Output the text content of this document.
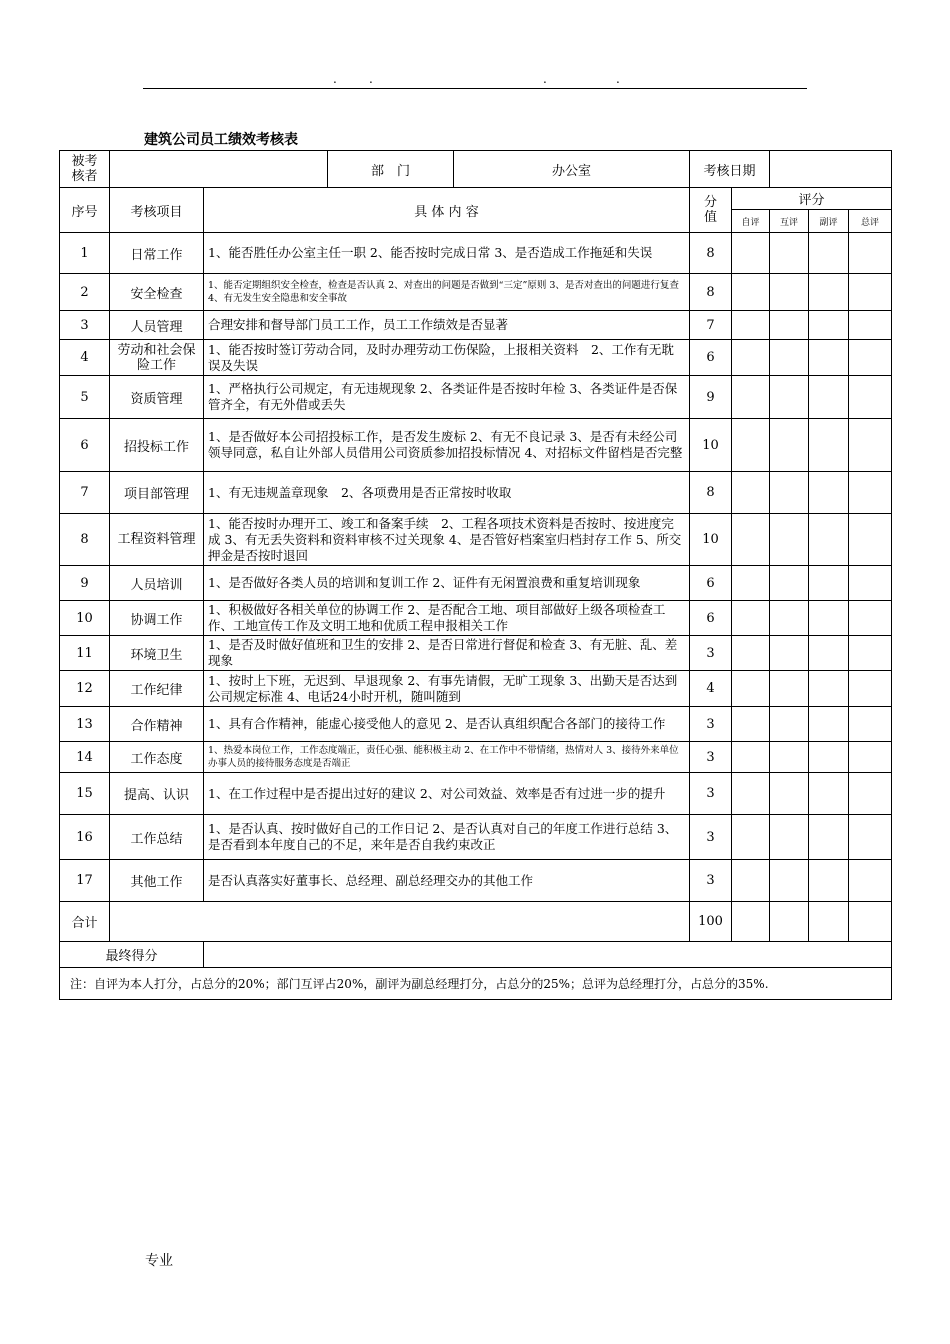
.	.	.	.
建筑公司员工绩效考核表
被考核者			部　门	办公室	考核日期				
序号	考核项目	具 体 内 容			分值	评分			
						自评	互评	副评	总评
1	日常工作	1、能否胜任办公室主任一职 2、能否按时完成日常 3、是否造成工作拖延和失误			8				
2	安全检查	1、能否定期组织安全检查，检查是否认真 2、对查出的问题是否做到“三定”原则 3、是否对查出的问题进行复查 4、有无发生安全隐患和安全事故			8				
3	人员管理	合理安排和督导部门员工工作，员工工作绩效是否显著			7				
4	劳动和社会保险工作	1、能否按时签订劳动合同，及时办理劳动工伤保险，上报相关资料　2、工作有无耽误及失误			6				
5	资质管理	1、严格执行公司规定，有无违规现象 2、各类证件是否按时年检 3、各类证件是否保管齐全，有无外借或丢失			9				
6	招投标工作	1、是否做好本公司招投标工作，是否发生废标 2、有无不良记录 3、是否有未经公司领导同意，私自让外部人员借用公司资质参加招投标情况 4、对招标文件留档是否完整			10				
7	项目部管理	1、有无违规盖章现象　2、各项费用是否正常按时收取			8				
8	工程资料管理	1、能否按时办理开工、竣工和备案手续　2、工程各项技术资料是否按时、按进度完成 3、有无丢失资料和资料审核不过关现象 4、是否管好档案室归档封存工作 5、所交押金是否按时退回			10				
9	人员培训	1、是否做好各类人员的培训和复训工作 2、证件有无闲置浪费和重复培训现象			6				
10	协调工作	1、积极做好各相关单位的协调工作 2、是否配合工地、项目部做好上级各项检查工作、工地宣传工作及文明工地和优质工程申报相关工作			6				
11	环境卫生	1、是否及时做好值班和卫生的安排 2、是否日常进行督促和检查 3、有无脏、乱、差现象			3				
12	工作纪律	1、按时上下班，无迟到、早退现象 2、有事先请假，无旷工现象 3、出勤天是否达到公司规定标准 4、电话24小时开机，随叫随到			4				
13	合作精神	1、具有合作精神，能虚心接受他人的意见 2、是否认真组织配合各部门的接待工作			3				
14	工作态度	1、热爱本岗位工作，工作态度端正，责任心强、能积极主动 2、在工作中不带情绪，热情对人 3、接待外来单位办事人员的接待服务态度是否端正			3				
15	提高、认识	1、在工作过程中是否提出过好的建议 2、对公司效益、效率是否有过进一步的提升			3				
16	工作总结	1、是否认真、按时做好自己的工作日记 2、是否认真对自己的年度工作进行总结 3、是否看到本年度自己的不足，来年是否自我约束改正			3				
17	其他工作	是否认真落实好董事长、总经理、副总经理交办的其他工作			3				
合计					100				
最终得分									
注：自评为本人打分，占总分的20%；部门互评占20%，副评为副总经理打分，占总分的25%；总评为总经理打分，占总分的35%.									
专业
